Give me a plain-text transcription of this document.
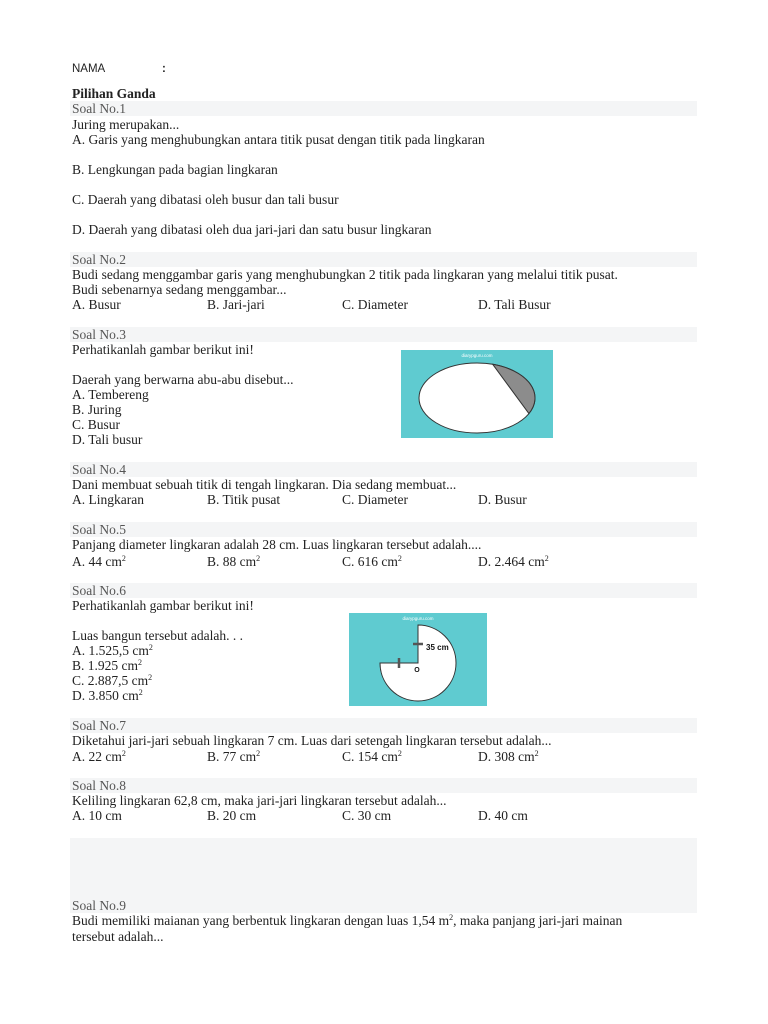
NAMA	:
Pilihan Ganda
Soal No.1
Juring merupakan...
A. Garis yang menghubungkan antara titik pusat dengan titik pada lingkaran
B. Lengkungan pada bagian lingkaran
C. Daerah yang dibatasi oleh busur dan tali busur
D. Daerah yang dibatasi oleh dua jari-jari dan satu busur lingkaran
Soal No.2
Budi sedang menggambar garis yang menghubungkan 2 titik pada lingkaran yang melalui titik pusat.
Budi sebenarnya sedang menggambar...
A. Busur	B. Jari-jari	C. Diameter	D. Tali Busur
Soal No.3
Perhatikanlah gambar berikut ini!
Daerah yang berwarna abu-abu disebut...
A. Tembereng
B. Juring
C. Busur
D. Tali busur
diarypguru.com
Soal No.4
Dani membuat sebuah titik di tengah lingkaran. Dia sedang membuat...
A. Lingkaran	B. Titik pusat	C. Diameter	D. Busur
Soal No.5
Panjang diameter lingkaran adalah 28 cm. Luas lingkaran tersebut adalah....
A. 44 $cm^2$	B. 88 $cm^2$	C. 616 $cm^2$	D. 2.464 $cm^2$
Soal No.6
Perhatikanlah gambar berikut ini!
Luas bangun tersebut adalah. . .
A. 1.525,5 $cm^2$
B. 1.925 $cm^2$
C. 2.887,5 $cm^2$
D. 3.850 $cm^2$
diarypguru.com
35 cm
O
Soal No.7
Diketahui jari-jari sebuah lingkaran 7 cm. Luas dari setengah lingkaran tersebut adalah...
A. 22 $cm^2$	B. 77 $cm^2$	C. 154 $cm^2$	D. 308 $cm^2$
Soal No.8
Keliling lingkaran 62,8 cm, maka jari-jari lingkaran tersebut adalah...
A. 10 cm	B. 20 cm	C. 30 cm	D. 40 cm
Soal No.9
Budi memiliki maianan yang berbentuk lingkaran dengan luas 1,54 $m^2$, maka panjang jari-jari mainan
tersebut adalah...
